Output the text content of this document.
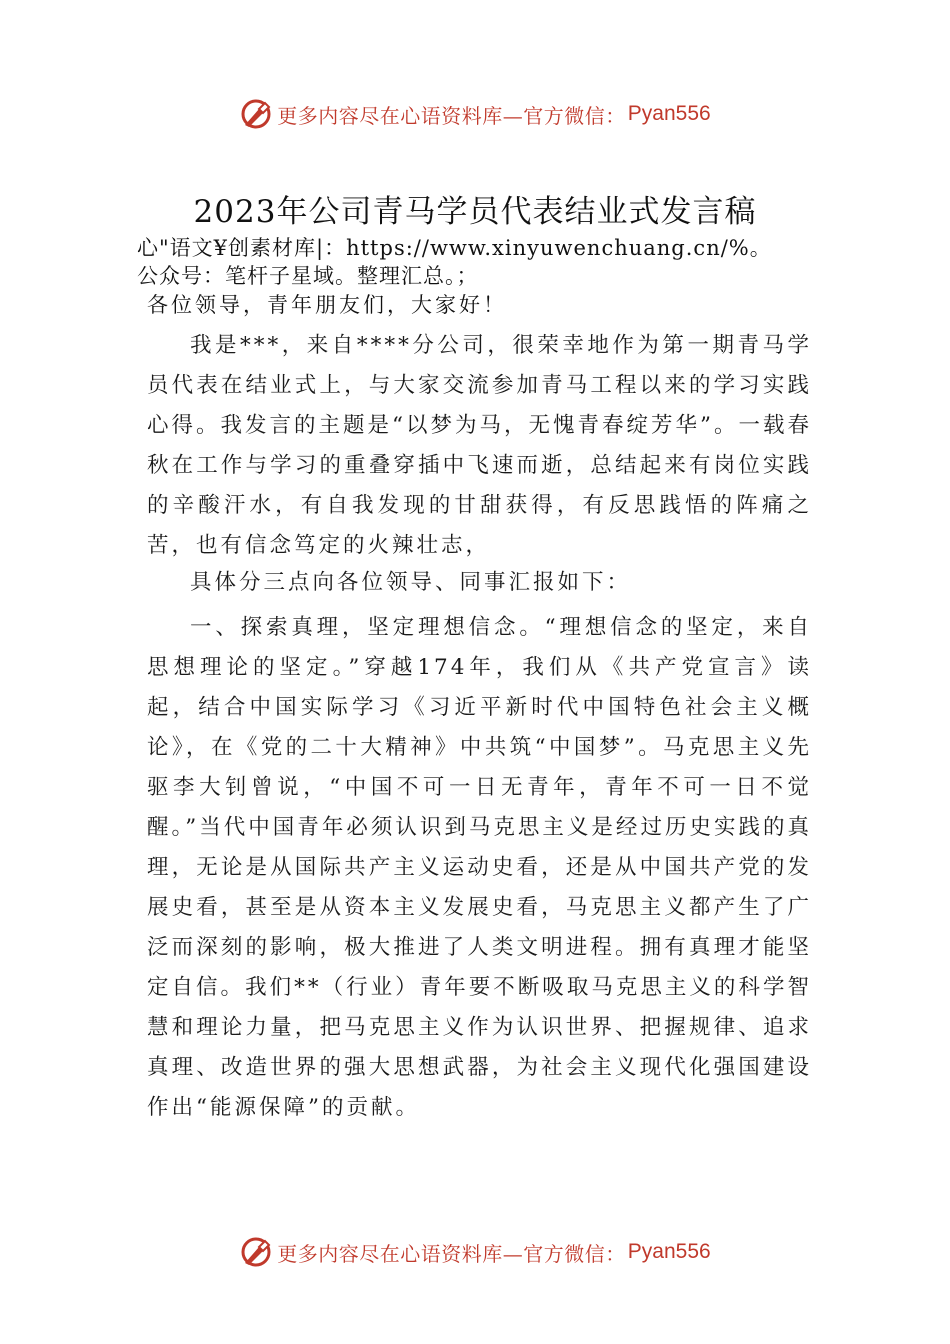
更多内容尽在心语资料库—官方微信： Pyan556
2023年公司青马学员代表结业式发言稿
心"语文¥创素材库|：https://www.xinyuwenchuang.cn/%。
公众号：笔杆子星域。整理汇总。；
各位领导，青年朋友们，大家好！

我是***，来自****分公司，很荣幸地作为第一期青马学员代表在结业式上，与大家交流参加青马工程以来的学习实践心得。我发言的主题是“以梦为马，无愧青春绽芳华”。一载春秋在工作与学习的重叠穿插中飞速而逝，总结起来有岗位实践的辛酸汗水，有自我发现的甘甜获得，有反思践悟的阵痛之苦，也有信念笃定的火辣壮志，

具体分三点向各位领导、同事汇报如下：

一、探索真理，坚定理想信念。“理想信念的坚定，来自思想理论的坚定。”穿越174年，我们从《共产党宣言》读起，结合中国实际学习《习近平新时代中国特色社会主义概论》，在《党的二十大精神》中共筑“中国梦”。马克思主义先驱李大钊曾说，“中国不可一日无青年，青年不可一日不觉醒。”当代中国青年必须认识到马克思主义是经过历史实践的真理，无论是从国际共产主义运动史看，还是从中国共产党的发展史看，甚至是从资本主义发展史看，马克思主义都产生了广泛而深刻的影响，极大推进了人类文明进程。拥有真理才能坚定自信。我们**（行业）青年要不断吸取马克思主义的科学智慧和理论力量，把马克思主义作为认识世界、把握规律、追求真理、改造世界的强大思想武器，为社会主义现代化强国建设作出“能源保障”的贡献。

更多内容尽在心语资料库—官方微信： Pyan556
